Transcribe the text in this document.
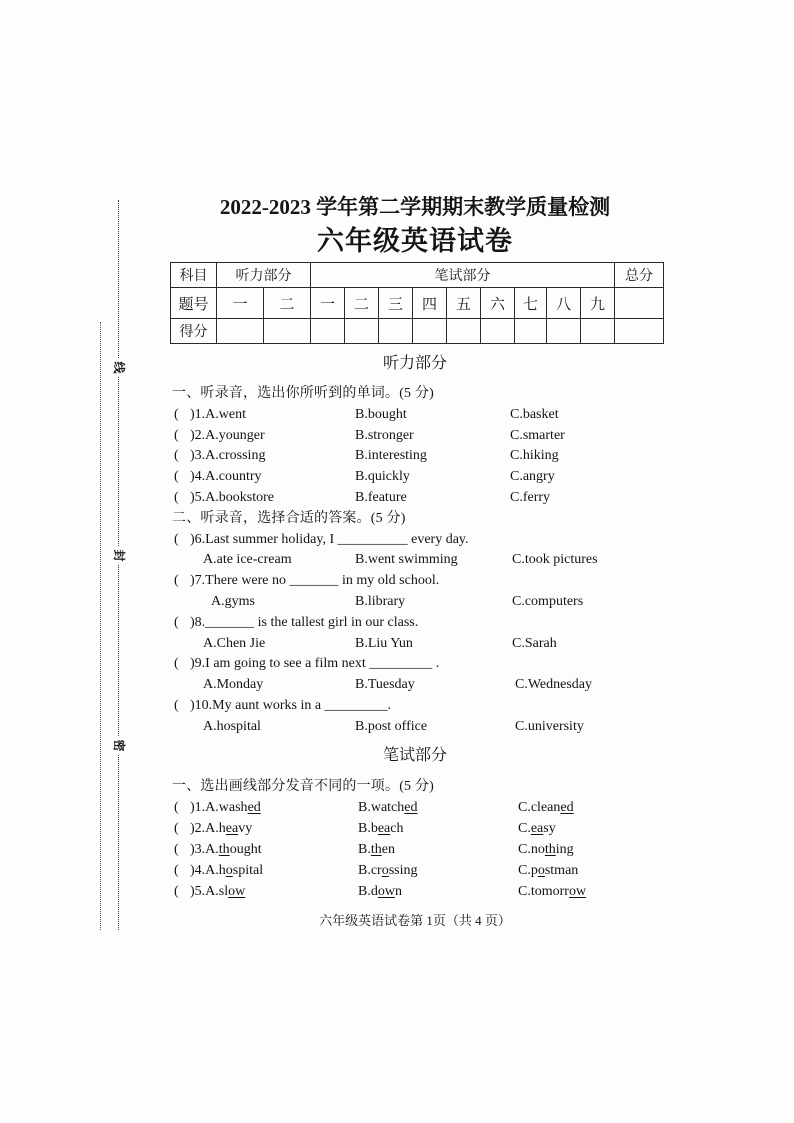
线
封
密
2022-2023 学年第二学期期末教学质量检测
六年级英语试卷
科目	听力部分		笔试部分									总分
题号	一	二	一	二	三	四	五	六	七	八	九	
得分												
听力部分
一、听录音，选出你所听到的单词。(5 分)
( )1.A.went	B.bought	C.basket
( )2.A.younger	B.stronger	C.smarter
( )3.A.crossing	B.interesting	C.hiking
( )4.A.country	B.quickly	C.angry
( )5.A.bookstore	B.feature	C.ferry
二、听录音，选择合适的答案。(5 分)
( )6.Last summer holiday, I __________ every day.
A.ate ice-cream	B.went swimming	C.took pictures
( )7.There were no _______ in my old school.
A.gyms	B.library	C.computers
( )8._______ is the tallest girl in our class.
A.Chen Jie	B.Liu Yun	C.Sarah
( )9.I am going to see a film next _________ .
A.Monday	B.Tuesday	C.Wednesday
( )10.My aunt works in a _________.
A.hospital	B.post office	C.university
笔试部分
一、选出画线部分发音不同的一项。(5 分)
( )1.A.washed	B.watched	C.cleaned
( )2.A.heavy	B.beach	C.easy
( )3.A.thought	B.then	C.nothing
( )4.A.hospital	B.crossing	C.postman
( )5.A.slow	B.down	C.tomorrow
六年级英语试卷第 1页（共 4 页）
